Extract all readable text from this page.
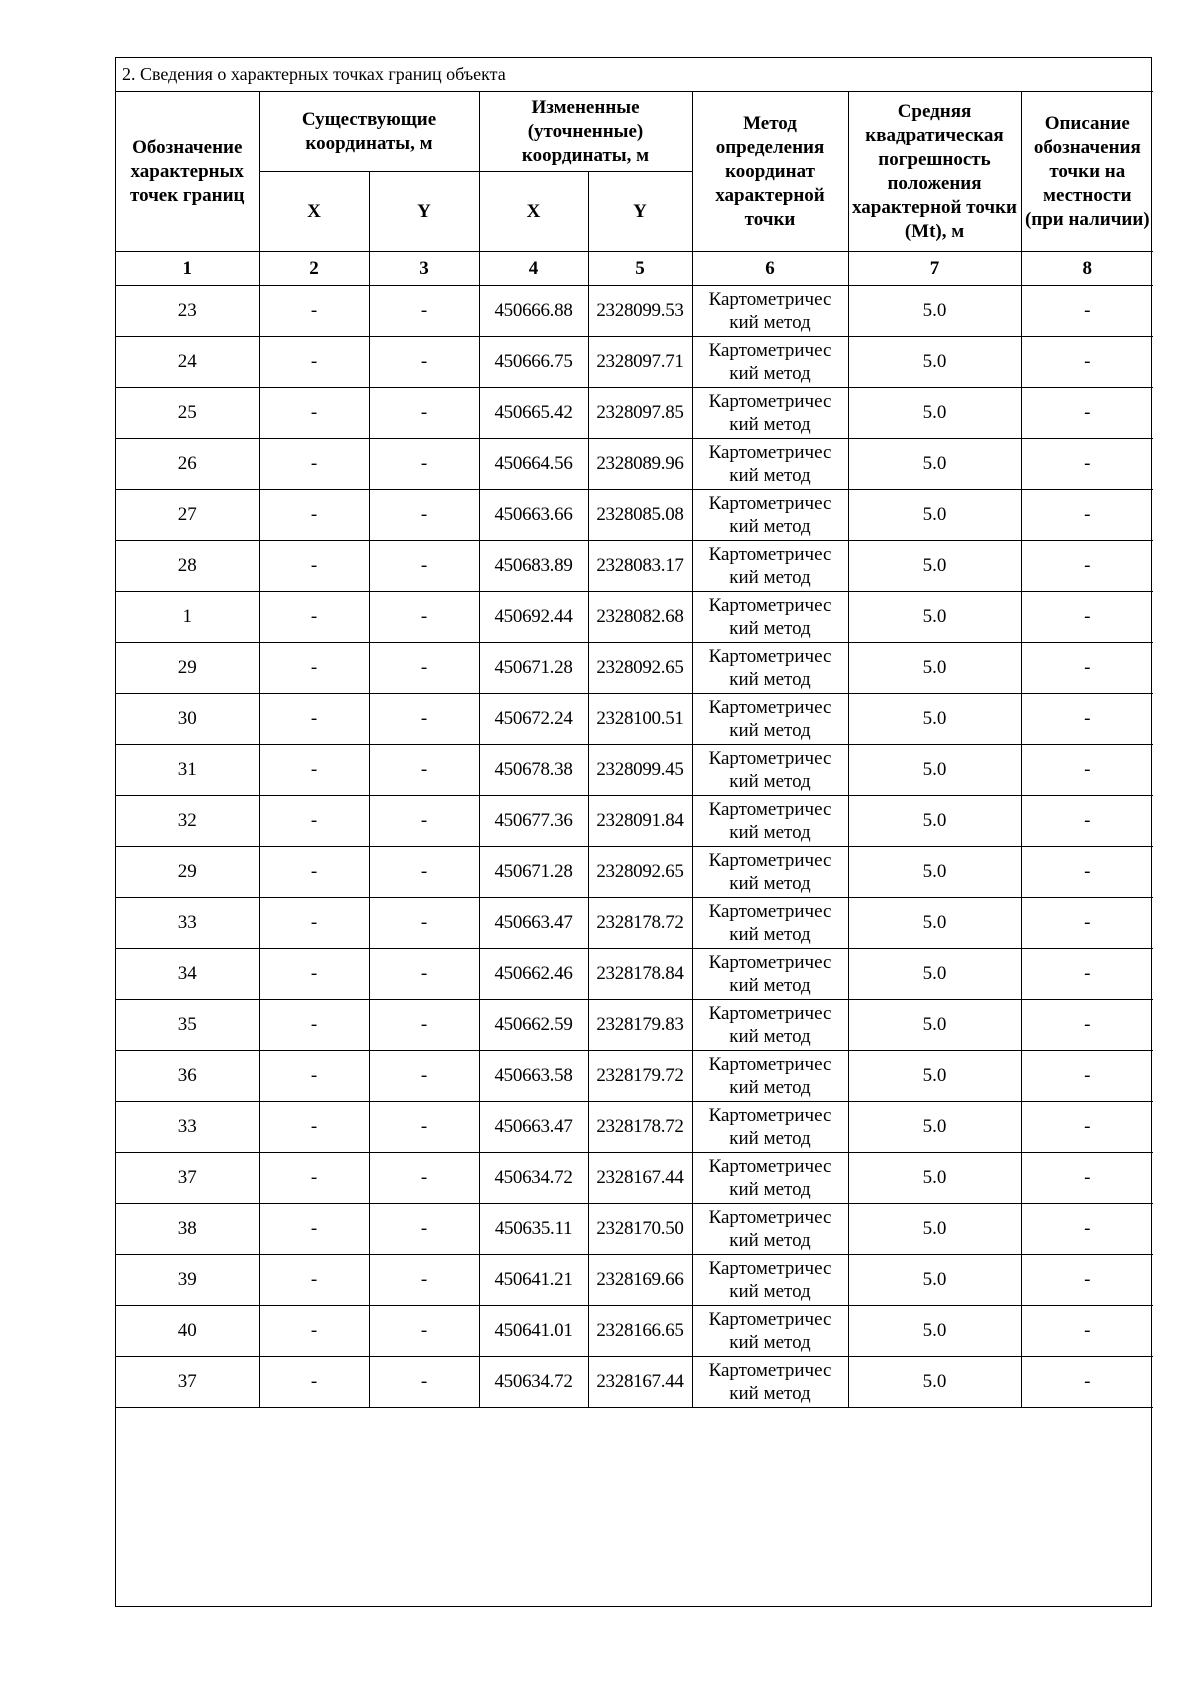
2. Сведения о характерных точках границ объекта							
Обозначение характерных точек границ	Существующие координаты, м		Измененные (уточненные) координаты, м		Метод определения координат характерной точки	Средняя квадратическая погрешность положения характерной точки (Mt), м	Описание обозначения точки на местности (при наличии)
	X	Y	X	Y			
1	2	3	4	5	6	7	8
23	-	-	450666.88	2328099.53	Картометричес кий метод	5.0	-
24	-	-	450666.75	2328097.71	Картометричес кий метод	5.0	-
25	-	-	450665.42	2328097.85	Картометричес кий метод	5.0	-
26	-	-	450664.56	2328089.96	Картометричес кий метод	5.0	-
27	-	-	450663.66	2328085.08	Картометричес кий метод	5.0	-
28	-	-	450683.89	2328083.17	Картометричес кий метод	5.0	-
1	-	-	450692.44	2328082.68	Картометричес кий метод	5.0	-
29	-	-	450671.28	2328092.65	Картометричес кий метод	5.0	-
30	-	-	450672.24	2328100.51	Картометричес кий метод	5.0	-
31	-	-	450678.38	2328099.45	Картометричес кий метод	5.0	-
32	-	-	450677.36	2328091.84	Картометричес кий метод	5.0	-
29	-	-	450671.28	2328092.65	Картометричес кий метод	5.0	-
33	-	-	450663.47	2328178.72	Картометричес кий метод	5.0	-
34	-	-	450662.46	2328178.84	Картометричес кий метод	5.0	-
35	-	-	450662.59	2328179.83	Картометричес кий метод	5.0	-
36	-	-	450663.58	2328179.72	Картометричес кий метод	5.0	-
33	-	-	450663.47	2328178.72	Картометричес кий метод	5.0	-
37	-	-	450634.72	2328167.44	Картометричес кий метод	5.0	-
38	-	-	450635.11	2328170.50	Картометричес кий метод	5.0	-
39	-	-	450641.21	2328169.66	Картометричес кий метод	5.0	-
40	-	-	450641.01	2328166.65	Картометричес кий метод	5.0	-
37	-	-	450634.72	2328167.44	Картометричес кий метод	5.0	-
